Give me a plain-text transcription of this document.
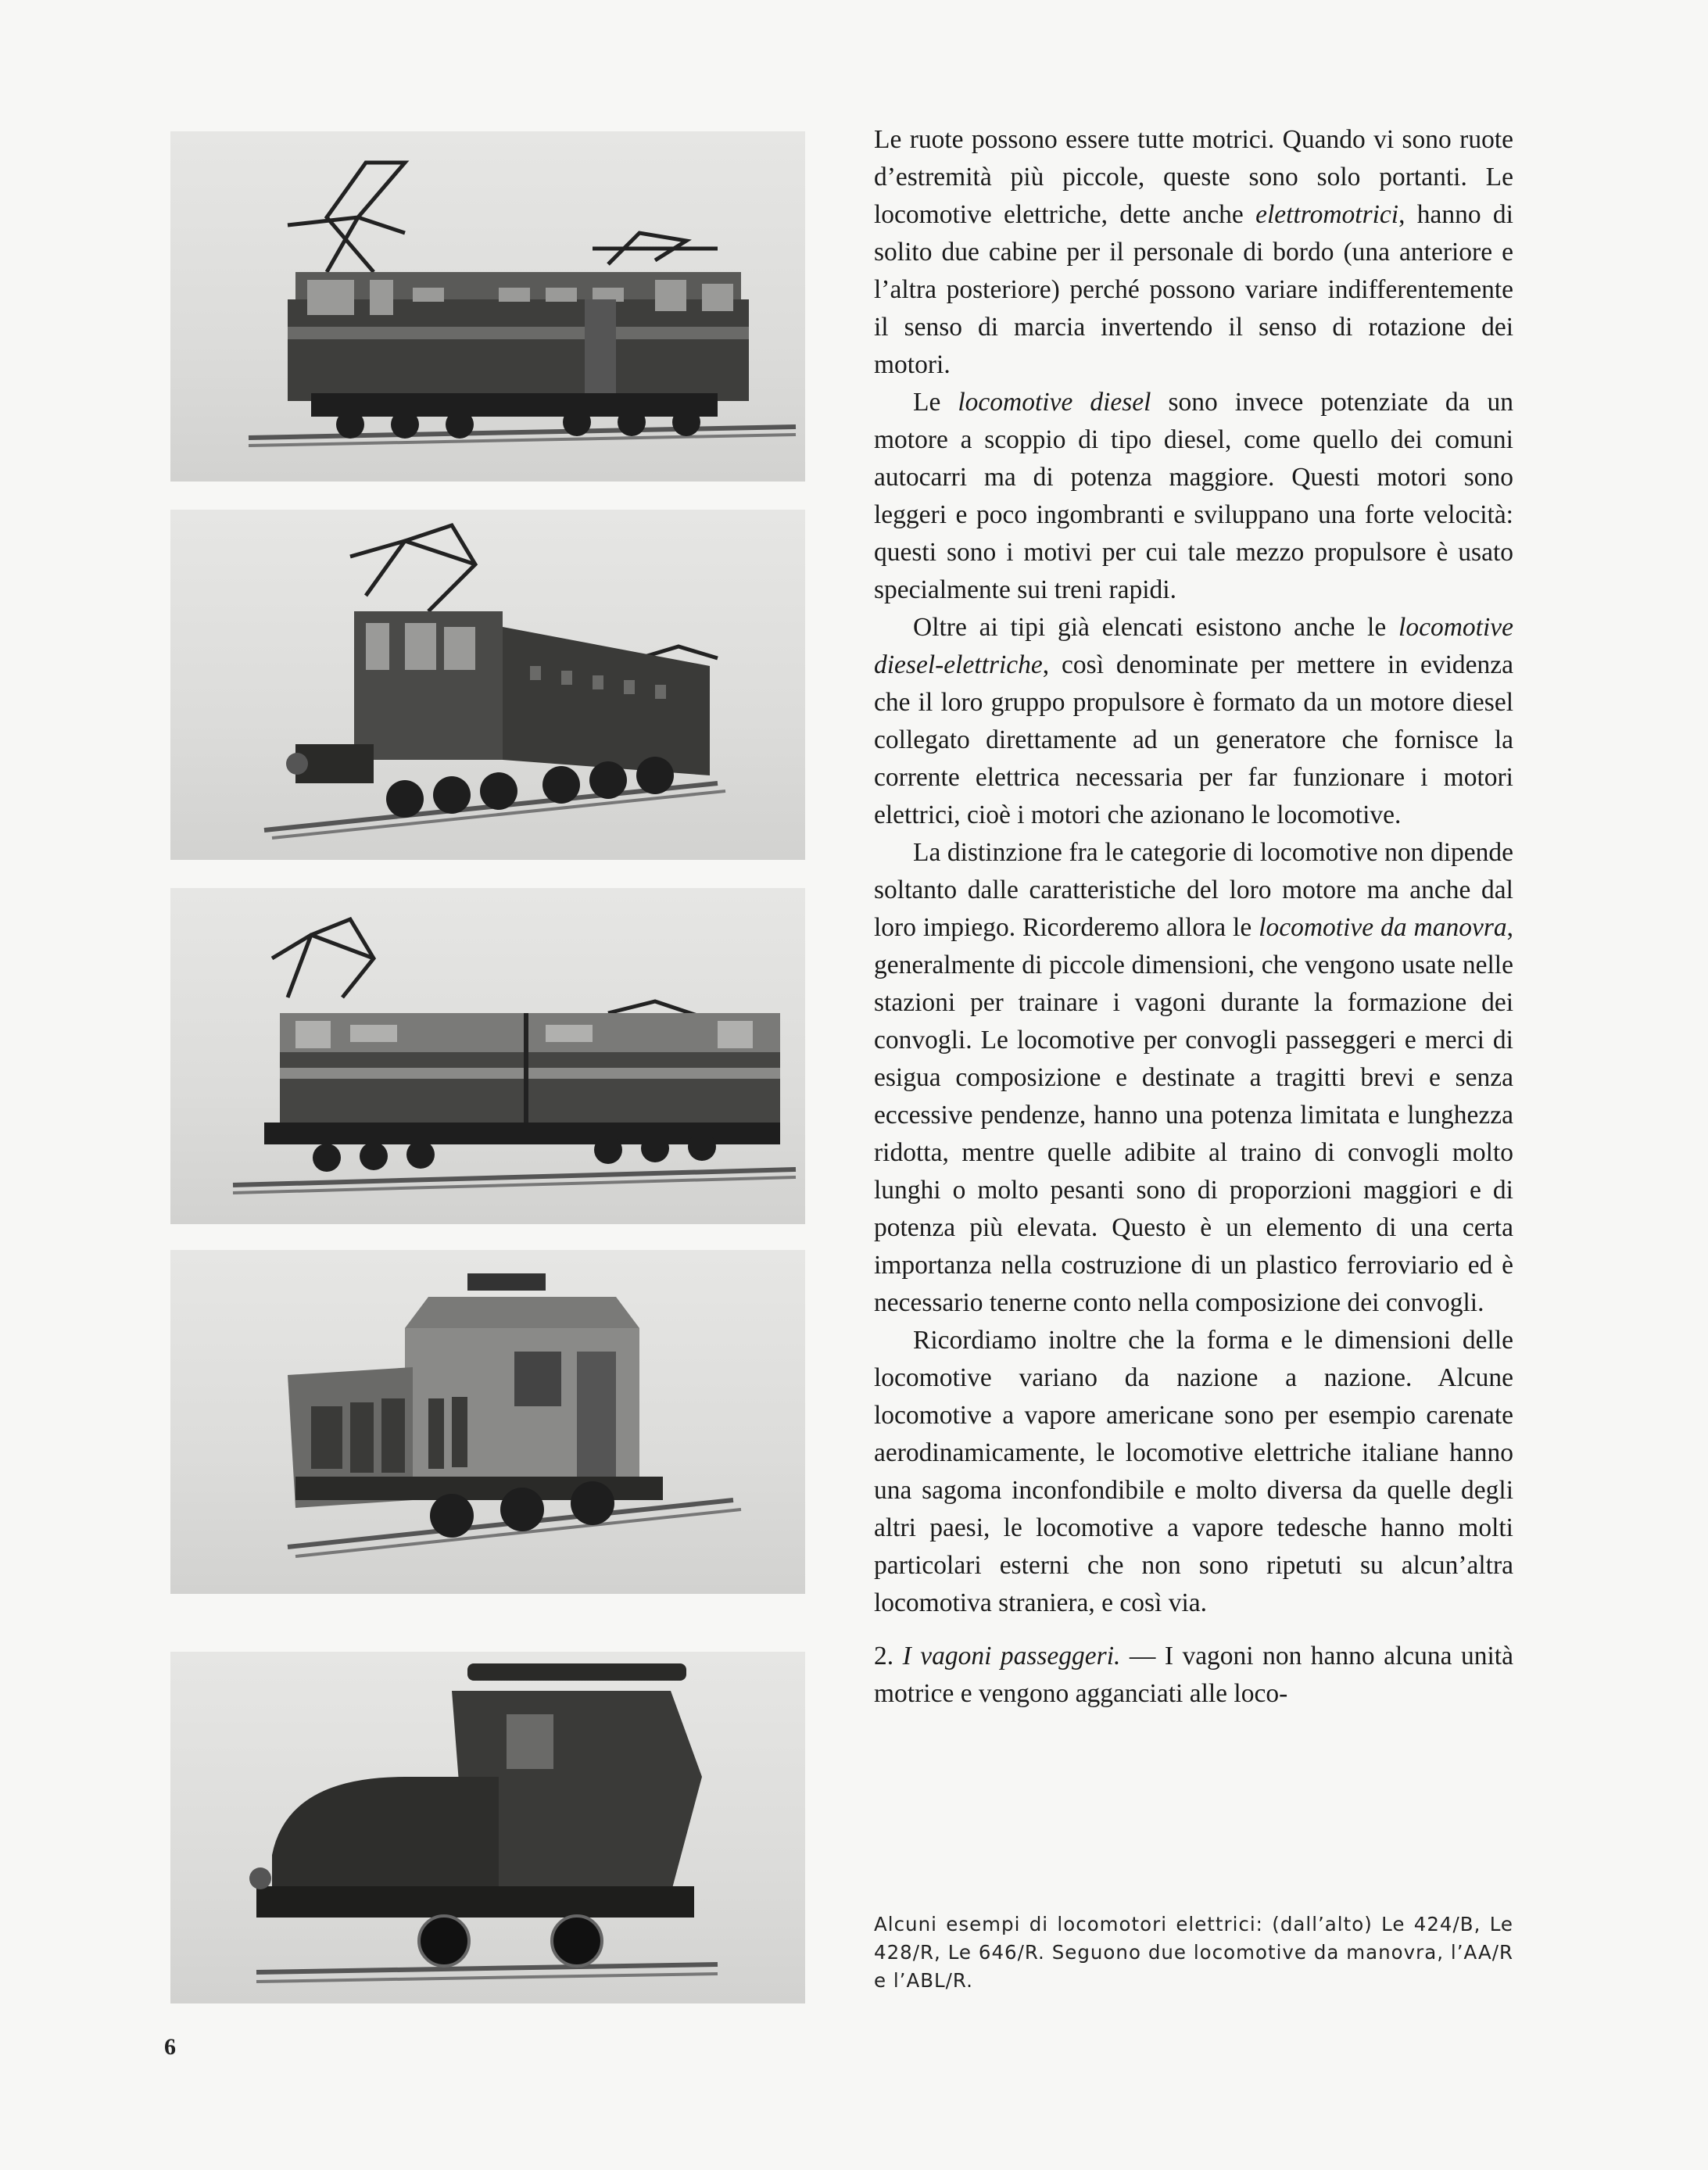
Le ruote possono essere tutte motrici. Quando vi sono ruote d’estremità più piccole, queste sono solo portanti. Le locomotive elettriche, dette anche elettromotrici, hanno di solito due cabine per il personale di bordo (una anteriore e l’altra posteriore) perché possono variare indifferentemente il senso di marcia invertendo il senso di rotazione dei motori.

Le locomotive diesel sono invece potenziate da un motore a scoppio di tipo diesel, come quello dei comuni autocarri ma di potenza maggiore. Questi motori sono leggeri e poco ingombranti e sviluppano una forte velocità: questi sono i motivi per cui tale mezzo propulsore è usato specialmente sui treni rapidi.

Oltre ai tipi già elencati esistono anche le locomotive diesel-elettriche, così denominate per mettere in evidenza che il loro gruppo propulsore è formato da un motore diesel collegato direttamente ad un generatore che fornisce la corrente elettrica necessaria per far funzionare i motori elettrici, cioè i motori che azionano le locomotive.

La distinzione fra le categorie di locomotive non dipende soltanto dalle caratteristiche del loro motore ma anche dal loro impiego. Ricorderemo allora le locomotive da manovra, generalmente di piccole dimensioni, che vengono usate nelle stazioni per trainare i vagoni durante la formazione dei convogli. Le locomotive per convogli passeggeri e merci di esigua composizione e destinate a tragitti brevi e senza eccessive pendenze, hanno una potenza limitata e lunghezza ridotta, mentre quelle adibite al traino di convogli molto lunghi o molto pesanti sono di proporzioni maggiori e di potenza più elevata. Questo è un elemento di una certa importanza nella costruzione di un plastico ferroviario ed è necessario tenerne conto nella composizione dei convogli.

Ricordiamo inoltre che la forma e le dimensioni delle locomotive variano da nazione a nazione. Alcune locomotive a vapore americane sono per esempio carenate aerodinamicamente, le locomotive elettriche italiane hanno una sagoma inconfondibile e molto diversa da quelle degli altri paesi, le locomotive a vapore tedesche hanno molti particolari esterni che non sono ripetuti su alcun’altra locomotiva straniera, e così via.

2. I vagoni passeggeri. — I vagoni non hanno alcuna unità motrice e vengono agganciati alle loco-

Alcuni esempi di locomotori elettrici: (dall’alto) Le 424/B, Le 428/R, Le 646/R. Seguono due locomotive da manovra, l’AA/R e l’ABL/R.
6
